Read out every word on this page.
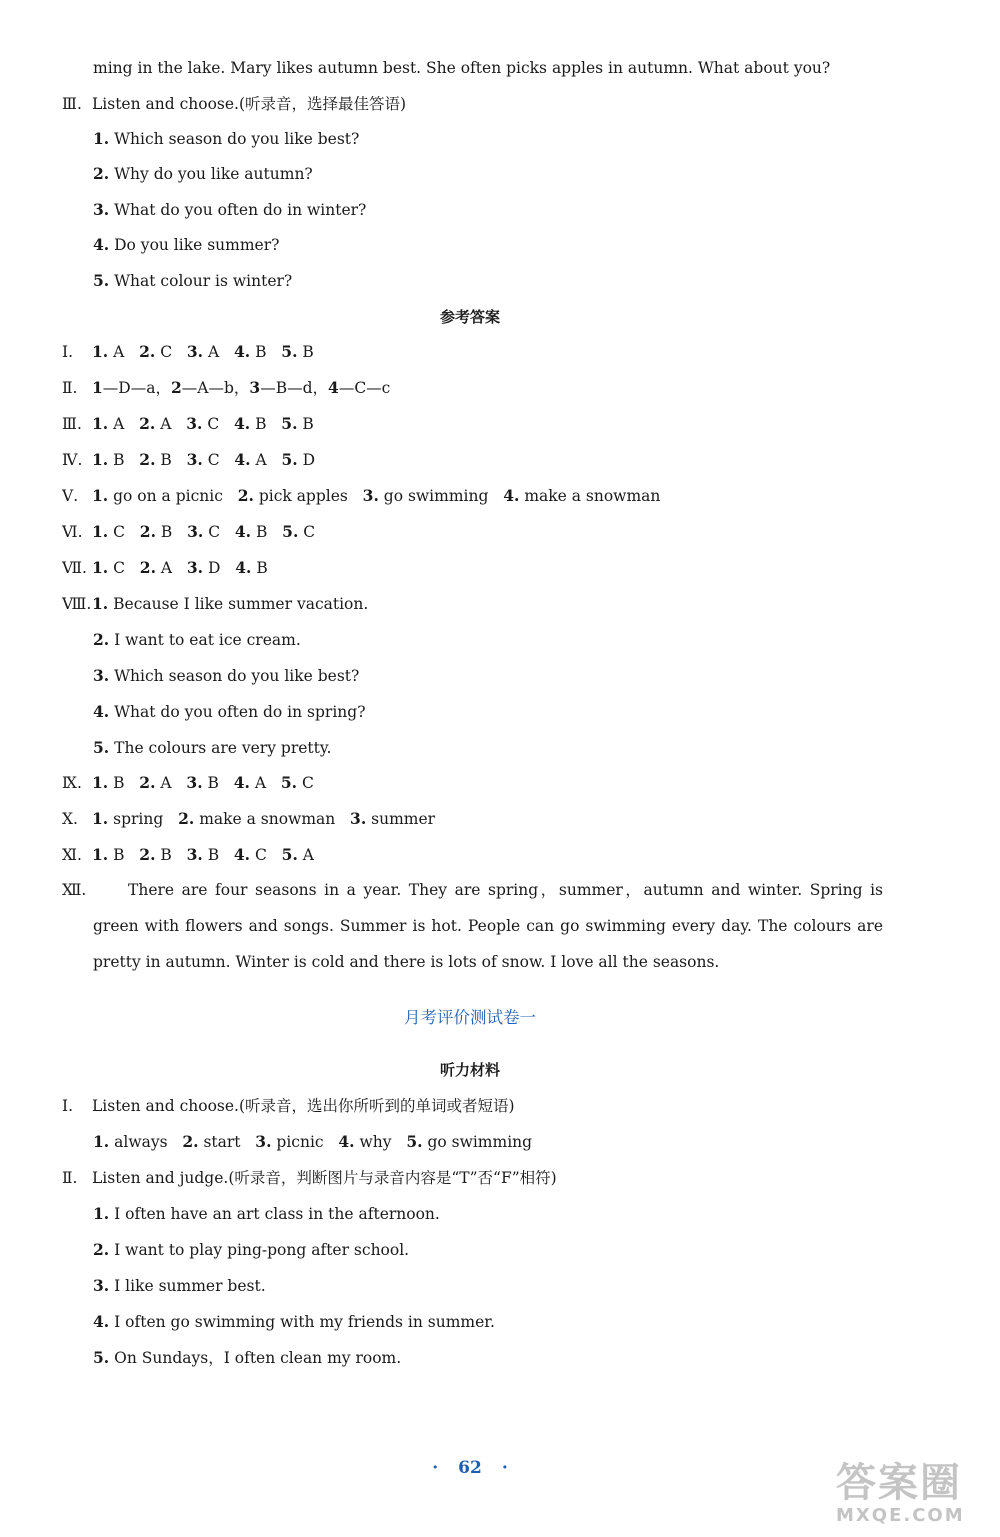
ming in the lake. Mary likes autumn best. She often picks apples in autumn. What about you?
Ⅲ. Listen and choose.(听录音，选择最佳答语)
1. Which season do you like best?
2. Why do you like autumn?
3. What do you often do in winter?
4. Do you like summer?
5. What colour is winter?
参考答案
Ⅰ. 1. A 2. C 3. A 4. B 5. B
Ⅱ. 1—D—a，2—A—b，3—B—d，4—C—c
Ⅲ. 1. A 2. A 3. C 4. B 5. B
Ⅳ. 1. B 2. B 3. C 4. A 5. D
Ⅴ. 1. go on a picnic 2. pick apples 3. go swimming 4. make a snowman
Ⅵ. 1. C 2. B 3. C 4. B 5. C
Ⅶ. 1. C 2. A 3. D 4. B
Ⅷ.1. Because I like summer vacation.
2. I want to eat ice cream.
3. Which season do you like best?
4. What do you often do in spring?
5. The colours are very pretty.
Ⅸ. 1. B 2. A 3. B 4. A 5. C
Ⅹ. 1. spring 2. make a snowman 3. summer
Ⅺ. 1. B 2. B 3. B 4. C 5. A
Ⅻ.	There are four seasons in a year. They are spring，summer，autumn and winter. Spring is green with flowers and songs. Summer is hot. People can go swimming every day. The colours are pretty in autumn. Winter is cold and there is lots of snow. I love all the seasons.
月考评价测试卷一
听力材料
Ⅰ. Listen and choose.(听录音，选出你所听到的单词或者短语)
1. always 2. start 3. picnic 4. why 5. go swimming
Ⅱ. Listen and judge.(听录音，判断图片与录音内容是“T”否“F”相符)
1. I often have an art class in the afternoon.
2. I want to play ping-pong after school.
3. I like summer best.
4. I often go swimming with my friends in summer.
5. On Sundays，I often clean my room.
· 62 ·	答案圈
MXQE.COM
